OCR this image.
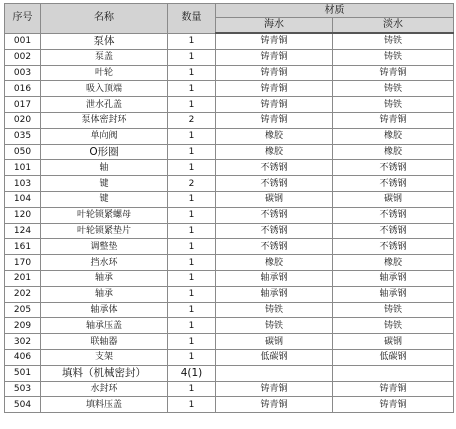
序号	名称	数量	材质	
			海水	淡水
001	泵体	1	铸青铜	铸铁
002	泵盖	1	铸青铜	铸铁
003	叶轮	1	铸青铜	铸青铜
016	吸入顶端	1	铸青铜	铸铁
017	泄水孔盖	1	铸青铜	铸铁
020	泵体密封环	2	铸青铜	铸青铜
035	单向阀	1	橡胶	橡胶
050	O形圈	1	橡胶	橡胶
101	轴	1	不锈钢	不锈钢
103	键	2	不锈钢	不锈钢
104	键	1	碳钢	碳钢
120	叶轮锁紧螺母	1	不锈钢	不锈钢
124	叶轮锁紧垫片	1	不锈钢	不锈钢
161	调整垫	1	不锈钢	不锈钢
170	挡水环	1	橡胶	橡胶
201	轴承	1	轴承钢	轴承钢
202	轴承	1	轴承钢	轴承钢
205	轴承体	1	铸铁	铸铁
209	轴承压盖	1	铸铁	铸铁
302	联轴器	1	碳钢	碳钢
406	支架	1	低碳钢	低碳钢
501	填料（机械密封）	4(1)		
503	水封环	1	铸青铜	铸青铜
504	填料压盖	1	铸青铜	铸青铜
